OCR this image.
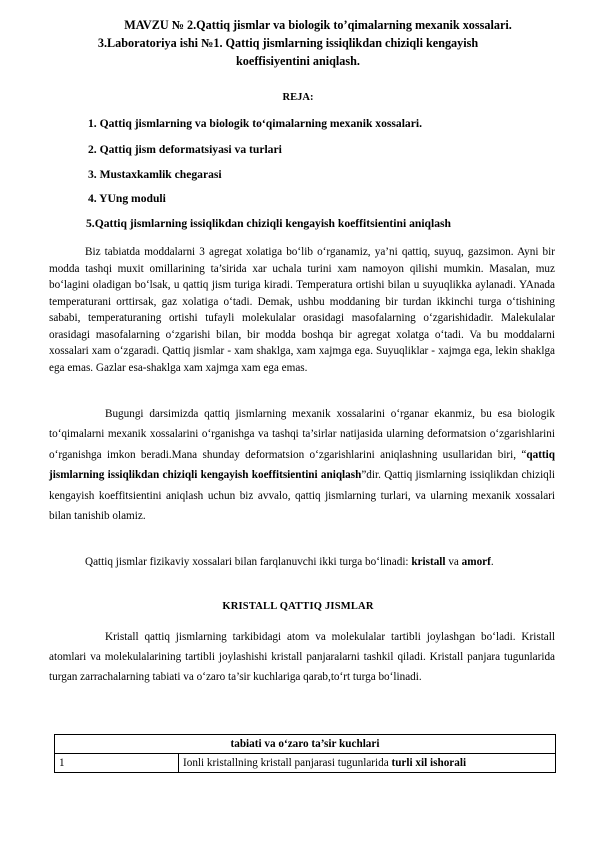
MAVZU № 2.Qattiq jismlar va biologik to’qimalarning mexanik xossalari.
3.Laboratoriya ishi №1. Qattiq jismlarning issiqlikdan chiziqli kengayish
koeffisiyentini aniqlash.
REJA:
1. Qattiq jismlarning va biologik to‘qimalarning mexanik xossalari.
2. Qattiq jism deformatsiyasi va turlari
3. Mustaxkamlik chegarasi
4. YUng moduli
5.Qattiq jismlarning issiqlikdan chiziqli kengayish koeffitsientini aniqlash

Biz tabiatda moddalarni 3 agregat xolatiga bo‘lib o‘rganamiz, ya’ni qattiq, suyuq, gazsimon. Ayni bir modda tashqi muxit omillarining ta’sirida xar uchala turini xam namoyon qilishi mumkin. Masalan, muz bo‘lagini oladigan bo‘lsak, u qattiq jism turiga kiradi. Temperatura ortishi bilan u suyuqlikka aylanadi. YAnada temperaturani orttirsak, gaz xolatiga o‘tadi. Demak, ushbu moddaning bir turdan ikkinchi turga o‘tishining sababi, temperaturaning ortishi tufayli molekulalar orasidagi masofalarning o‘zgarishidadir. Malekulalar orasidagi masofalarning o‘zgarishi bilan, bir modda boshqa bir agregat xolatga o‘tadi. Va bu moddalarni xossalari xam o‘zgaradi. Qattiq jismlar - xam shaklga, xam xajmga ega. Suyuqliklar - xajmga ega, lekin shaklga ega emas. Gazlar esa-shaklga xam xajmga xam ega emas.

Bugungi darsimizda qattiq jismlarning mexanik xossalarini o‘rganar ekanmiz, bu esa biologik to‘qimalarni mexanik xossalarini o‘rganishga va tashqi ta’sirlar natijasida ularning deformatsion o‘zgarishlarini o‘rganishga imkon beradi.Mana shunday deformatsion o‘zgarishlarini aniqlashning usullaridan biri, “qattiq jismlarning issiqlikdan chiziqli kengayish koeffitsientini aniqlash”dir. Qattiq jismlarning issiqlikdan chiziqli kengayish koeffitsientini aniqlash uchun biz avvalo, qattiq jismlarning turlari, va ularning mexanik xossalari bilan tanishib olamiz.

Qattiq jismlar fizikaviy xossalari bilan farqlanuvchi ikki turga bo‘linadi: kristall va amorf.

KRISTALL QATTIQ JISMLAR

Kristall qattiq jismlarning tarkibidagi atom va molekulalar tartibli joylashgan bo‘ladi. Kristall atomlari va molekulalarining tartibli joylashishi kristall panjaralarni tashkil qiladi. Kristall panjara tugunlarida turgan zarrachalarning tabiati va o‘zaro ta’sir kuchlariga qarab,to‘rt turga bo‘linadi.

tabiati va o‘zaro ta’sir kuchlari
1	Ionli kristallning kristall panjarasi tugunlarida turli xil ishorali
